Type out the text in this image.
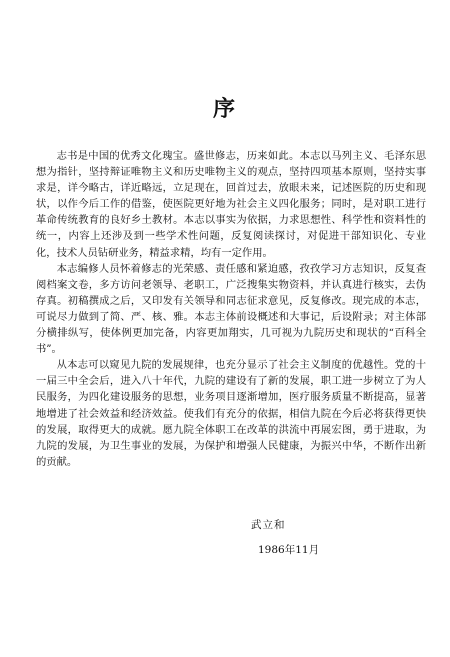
序

志书是中国的优秀文化瑰宝。盛世修志，历来如此。本志以马列主义、毛泽东思想为指针，坚持辩证唯物主义和历史唯物主义的观点，坚持四项基本原则，坚持实事求是，详今略古，详近略远，立足现在，回首过去，放眼未来，记述医院的历史和现状，以作今后工作的借鉴，使医院更好地为社会主义四化服务；同时，是对职工进行革命传统教育的良好乡土教材。本志以事实为依据，力求思想性、科学性和资料性的统一，内容上还涉及到一些学术性问题，反复阅读探讨，对促进干部知识化、专业化，技术人员钻研业务，精益求精，均有一定作用。

本志编修人员怀着修志的光荣感、责任感和紧迫感，孜孜学习方志知识，反复查阅档案文卷，多方访问老领导、老职工，广泛搜集实物资料，并认真进行核实，去伪存真。初稿撰成之后，又印发有关领导和同志征求意见，反复修改。现完成的本志，可说尽力做到了简、严、核、雅。本志主体前设概述和大事记，后设附录；对主体部分横排纵写，使体例更加完备，内容更加翔实，几可视为九院历史和现状的“百科全书”。

从本志可以窥见九院的发展规律，也充分显示了社会主义制度的优越性。党的十一届三中全会后，进入八十年代，九院的建设有了新的发展，职工进一步树立了为人民服务，为四化建设服务的思想，业务项目逐渐增加，医疗服务质量不断提高，显著地增进了社会效益和经济效益。使我们有充分的依据，相信九院在今后必将获得更快的发展，取得更大的成就。愿九院全体职工在改革的洪流中再展宏图，勇于进取，为九院的发展，为卫生事业的发展，为保护和增强人民健康，为振兴中华，不断作出新的贡献。

武立和
1986年11月
